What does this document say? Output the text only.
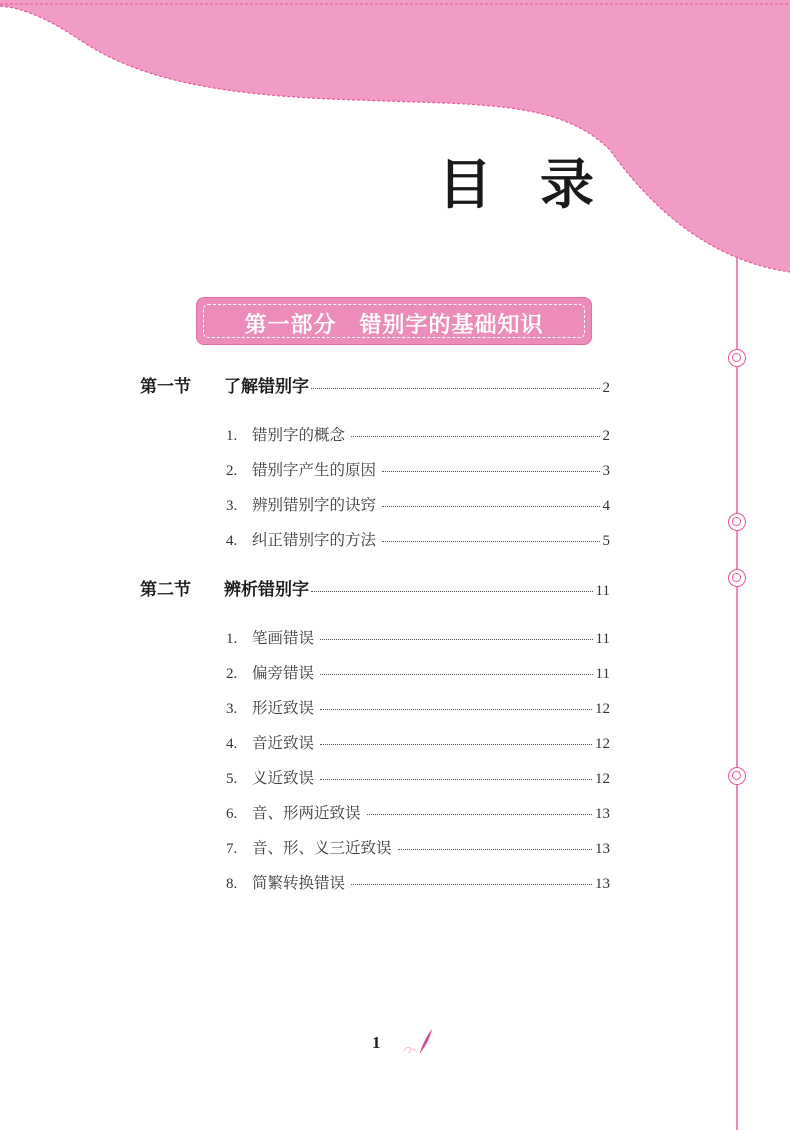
目录
第一部分　错别字的基础知识
第一节	了解错别字	2
1. 错别字的概念	2
2. 错别字产生的原因	3
3. 辨别错别字的诀窍	4
4. 纠正错别字的方法	5
第二节	辨析错别字	11
1. 笔画错误	11
2. 偏旁错误	11
3. 形近致误	12
4. 音近致误	12
5. 义近致误	12
6. 音、形两近致误	13
7. 音、形、义三近致误	13
8. 简繁转换错误	13
1
